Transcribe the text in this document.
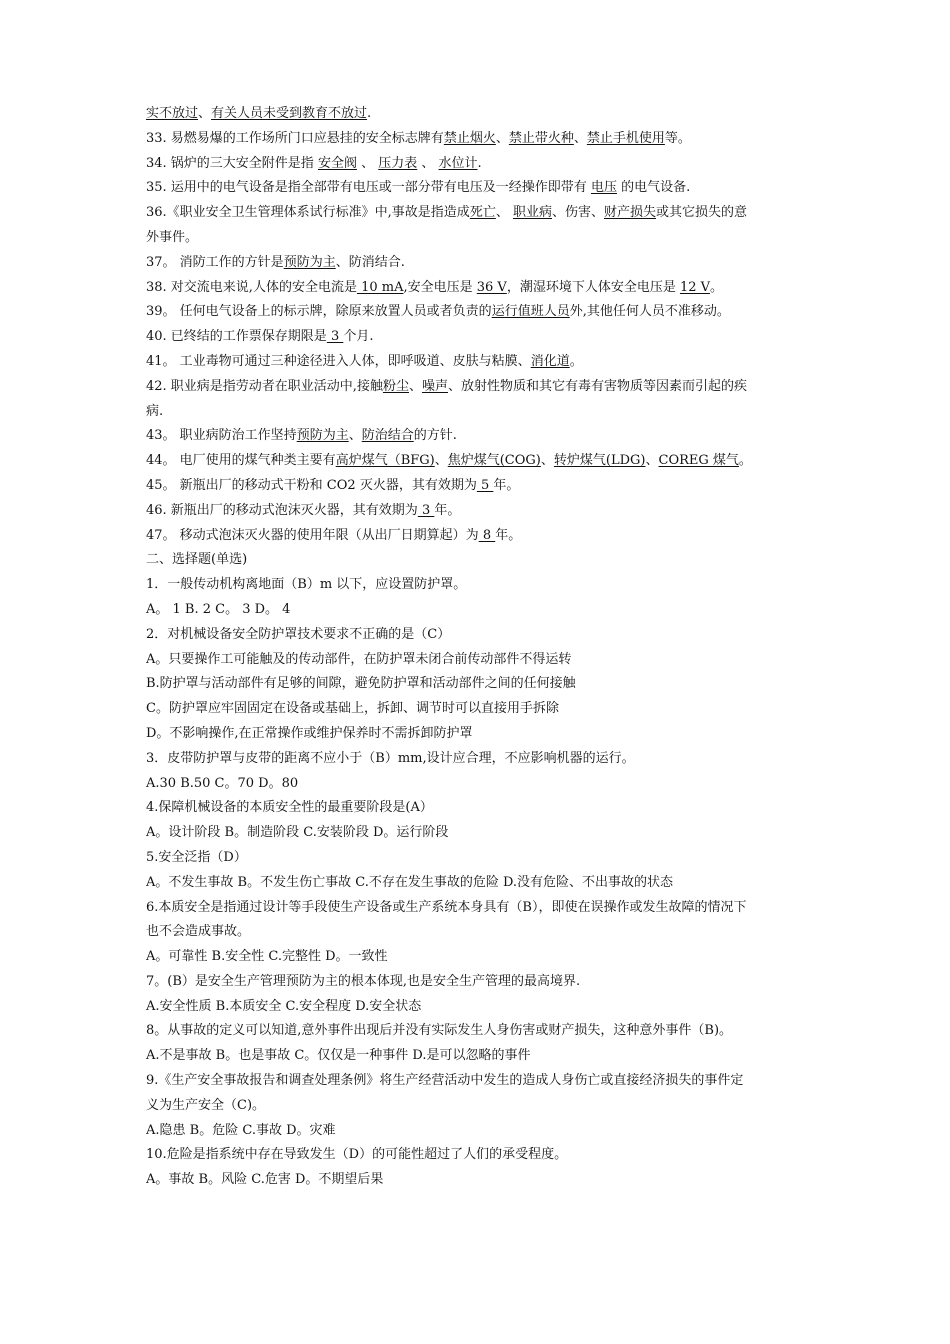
实不放过、有关人员未受到教育不放过.
33. 易燃易爆的工作场所门口应悬挂的安全标志牌有禁止烟火、禁止带火种、禁止手机使用等。
34. 锅炉的三大安全附件是指 安全阀 、 压力表 、 水位计.
35. 运用中的电气设备是指全部带有电压或一部分带有电压及一经操作即带有 电压 的电气设备.
36.《职业安全卫生管理体系试行标准》中,事故是指造成死亡、 职业病、伤害、财产损失或其它损失的意
外事件。
37。 消防工作的方针是预防为主、防消结合.
38. 对交流电来说,人体的安全电流是 10 mA,安全电压是 36 V，潮湿环境下人体安全电压是 12 V。
39。 任何电气设备上的标示牌，除原来放置人员或者负责的运行值班人员外,其他任何人员不准移动。
40. 已终结的工作票保存期限是 3 个月.
41。 工业毒物可通过三种途径进入人体，即呼吸道、皮肤与粘膜、消化道。
42. 职业病是指劳动者在职业活动中,接触粉尘、噪声、放射性物质和其它有毒有害物质等因素而引起的疾
病.
43。 职业病防治工作坚持预防为主、防治结合的方针.
44。 电厂使用的煤气种类主要有高炉煤气（BFG)、焦炉煤气(COG)、转炉煤气(LDG)、COREG 煤气。
45。 新瓶出厂的移动式干粉和 CO2 灭火器，其有效期为 5 年。
46. 新瓶出厂的移动式泡沫灭火器，其有效期为 3 年。
47。 移动式泡沫灭火器的使用年限（从出厂日期算起）为 8 年。
二、选择题(单选)
1．一般传动机构离地面（B）m 以下，应设置防护罩。
A。 1 B. 2 C。 3 D。 4
2．对机械设备安全防护罩技术要求不正确的是（C）
A。只要操作工可能触及的传动部件，在防护罩未闭合前传动部件不得运转
B.防护罩与活动部件有足够的间隙，避免防护罩和活动部件之间的任何接触
C。防护罩应牢固固定在设备或基础上，拆卸、调节时可以直接用手拆除
D。不影响操作,在正常操作或维护保养时不需拆卸防护罩
3．皮带防护罩与皮带的距离不应小于（B）mm,设计应合理，不应影响机器的运行。
A.30 B.50 C。70 D。80
4.保障机械设备的本质安全性的最重要阶段是(A）
A。设计阶段 B。制造阶段 C.安装阶段 D。运行阶段
5.安全泛指（D）
A。不发生事故 B。不发生伤亡事故 C.不存在发生事故的危险 D.没有危险、不出事故的状态
6.本质安全是指通过设计等手段使生产设备或生产系统本身具有（B），即使在误操作或发生故障的情况下
也不会造成事故。
A。可靠性 B.安全性 C.完整性 D。一致性
7。(B）是安全生产管理预防为主的根本体现,也是安全生产管理的最高境界.
A.安全性质 B.本质安全 C.安全程度 D.安全状态
8。从事故的定义可以知道,意外事件出现后并没有实际发生人身伤害或财产损失，这种意外事件（B)。
A.不是事故 B。也是事故 C。仅仅是一种事件 D.是可以忽略的事件
9.《生产安全事故报告和调查处理条例》将生产经营活动中发生的造成人身伤亡或直接经济损失的事件定
义为生产安全（C)。
A.隐患 B。危险 C.事故 D。灾难
10.危险是指系统中存在导致发生（D）的可能性超过了人们的承受程度。
A。事故 B。风险 C.危害 D。不期望后果
